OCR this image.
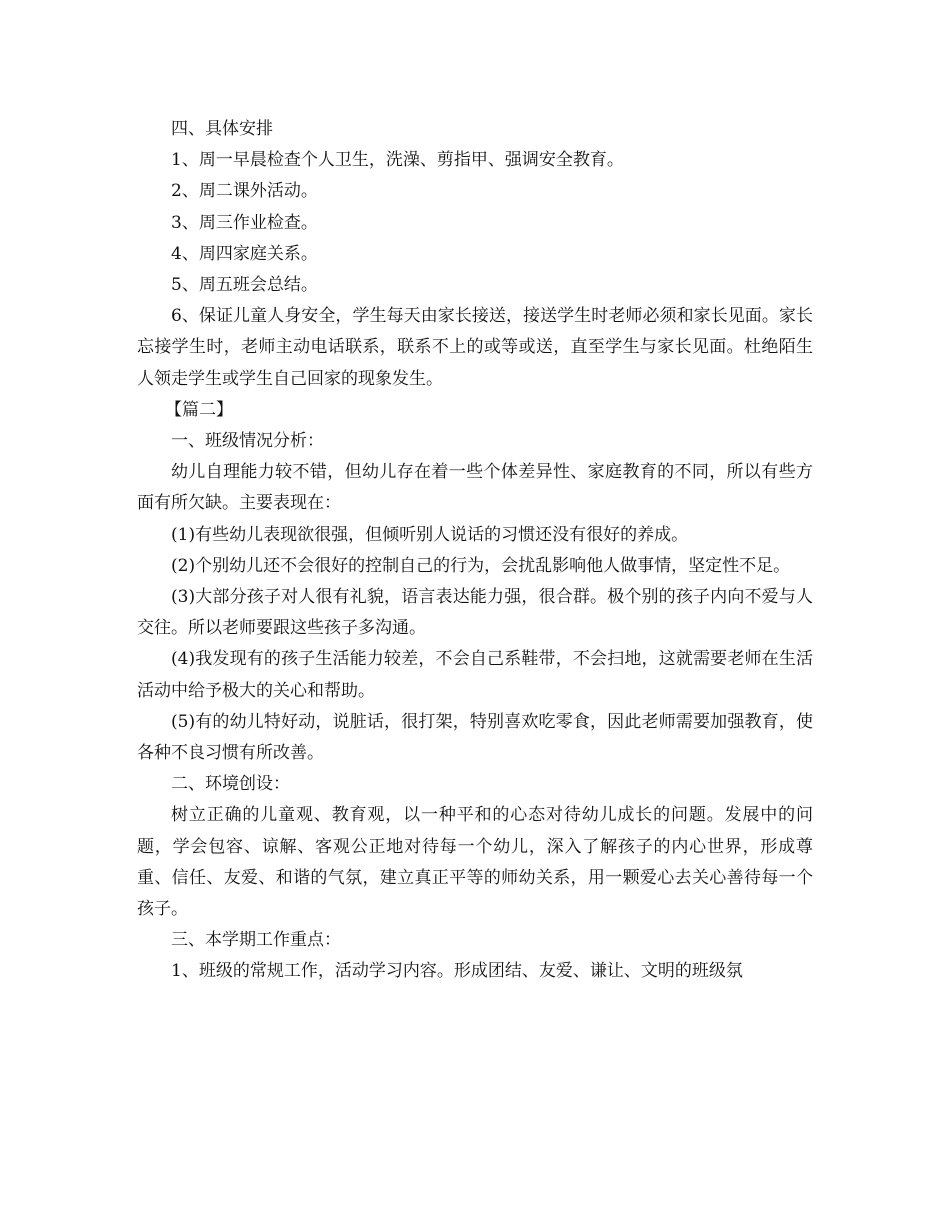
四、具体安排

1、周一早晨检查个人卫生，洗澡、剪指甲、强调安全教育。

2、周二课外活动。

3、周三作业检查。

4、周四家庭关系。

5、周五班会总结。

6、保证儿童人身安全，学生每天由家长接送，接送学生时老师必须和家长见面。家长忘接学生时，老师主动电话联系，联系不上的或等或送，直至学生与家长见面。杜绝陌生人领走学生或学生自己回家的现象发生。

【篇二】

一、班级情况分析：

幼儿自理能力较不错，但幼儿存在着一些个体差异性、家庭教育的不同，所以有些方面有所欠缺。主要表现在：

(1)有些幼儿表现欲很强，但倾听别人说话的习惯还没有很好的养成。

(2)个别幼儿还不会很好的控制自己的行为，会扰乱影响他人做事情，坚定性不足。

(3)大部分孩子对人很有礼貌，语言表达能力强，很合群。极个别的孩子内向不爱与人交往。所以老师要跟这些孩子多沟通。

(4)我发现有的孩子生活能力较差，不会自己系鞋带，不会扫地，这就需要老师在生活活动中给予极大的关心和帮助。

(5)有的幼儿特好动，说脏话，很打架，特别喜欢吃零食，因此老师需要加强教育，使各种不良习惯有所改善。

二、环境创设：

树立正确的儿童观、教育观，以一种平和的心态对待幼儿成长的问题。发展中的问题，学会包容、谅解、客观公正地对待每一个幼儿，深入了解孩子的内心世界，形成尊重、信任、友爱、和谐的气氛，建立真正平等的师幼关系，用一颗爱心去关心善待每一个孩子。

三、本学期工作重点：

1、班级的常规工作，活动学习内容。形成团结、友爱、谦让、文明的班级氛
